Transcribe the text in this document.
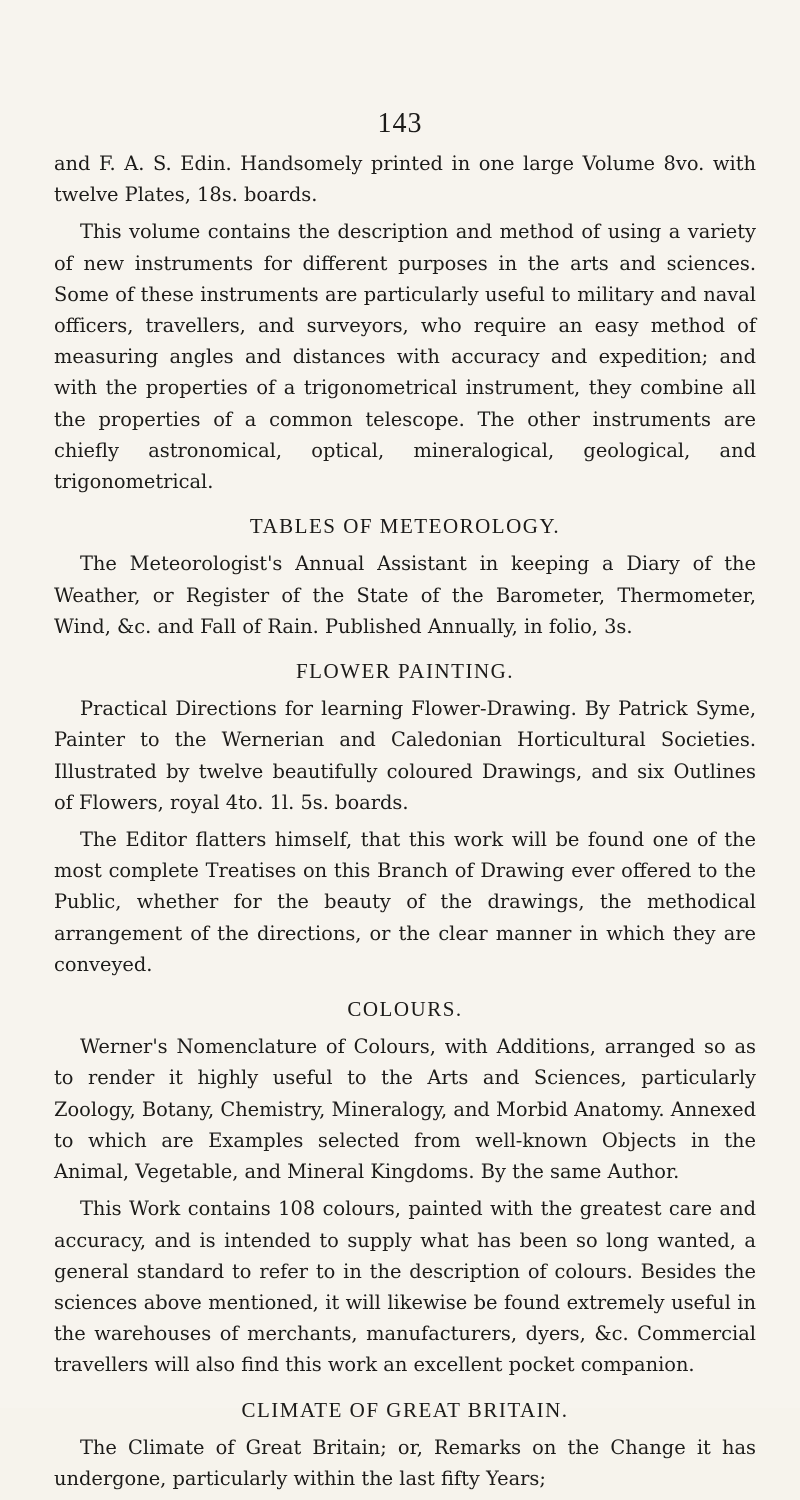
143

and F. A. S. Edin. Handsomely printed in one large Volume 8vo. with twelve Plates, 18s. boards.

This volume contains the description and method of using a variety of new instruments for different purposes in the arts and sciences. Some of these instruments are particularly useful to military and naval officers, travellers, and surveyors, who require an easy method of measuring angles and distances with accuracy and expedition; and with the properties of a trigonometrical instrument, they combine all the properties of a common telescope. The other instruments are chiefly astronomical, optical, mineralogical, geological, and trigonometrical.

TABLES OF METEOROLOGY.

The Meteorologist's Annual Assistant in keeping a Diary of the Weather, or Register of the State of the Barometer, Thermometer, Wind, &c. and Fall of Rain. Published Annually, in folio, 3s.

FLOWER PAINTING.

Practical Directions for learning Flower-Drawing. By Patrick Syme, Painter to the Wernerian and Caledonian Horticultural Societies. Illustrated by twelve beautifully coloured Drawings, and six Outlines of Flowers, royal 4to. 1l. 5s. boards.

The Editor flatters himself, that this work will be found one of the most complete Treatises on this Branch of Drawing ever offered to the Public, whether for the beauty of the drawings, the methodical arrangement of the directions, or the clear manner in which they are conveyed.

COLOURS.

Werner's Nomenclature of Colours, with Additions, arranged so as to render it highly useful to the Arts and Sciences, particularly Zoology, Botany, Chemistry, Mineralogy, and Morbid Anatomy. Annexed to which are Examples selected from well-known Objects in the Animal, Vegetable, and Mineral Kingdoms. By the same Author.

This Work contains 108 colours, painted with the greatest care and accuracy, and is intended to supply what has been so long wanted, a general standard to refer to in the description of colours. Besides the sciences above mentioned, it will likewise be found extremely useful in the warehouses of merchants, manufacturers, dyers, &c. Commercial travellers will also find this work an excellent pocket companion.

CLIMATE OF GREAT BRITAIN.

The Climate of Great Britain; or, Remarks on the Change it has undergone, particularly within the last fifty Years;
